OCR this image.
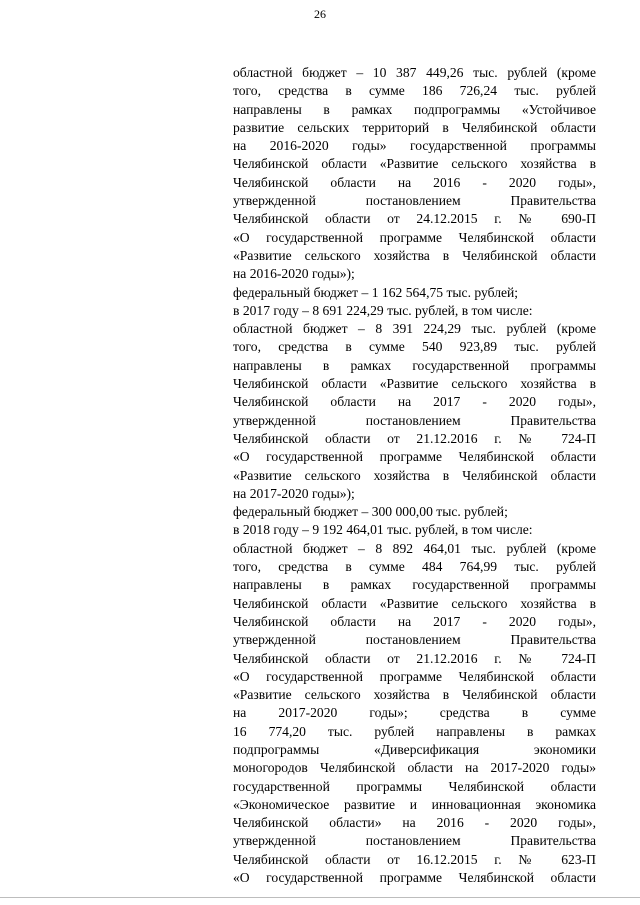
26
областной бюджет – 10 387 449,26 тыс. рублей (кроме
того, средства в сумме 186 726,24 тыс. рублей
направлены в рамках подпрограммы «Устойчивое
развитие сельских территорий в Челябинской области
на 2016-2020 годы» государственной программы
Челябинской области «Развитие сельского хозяйства в
Челябинской области на 2016 - 2020 годы»,
утвержденной постановлением Правительства
Челябинской области от 24.12.2015 г. № 690-П
«О государственной программе Челябинской области
«Развитие сельского хозяйства в Челябинской области
на 2016-2020 годы»);
федеральный бюджет – 1 162 564,75 тыс. рублей;
в 2017 году – 8 691 224,29 тыс. рублей, в том числе:
областной бюджет – 8 391 224,29 тыс. рублей (кроме
того, средства в сумме 540 923,89 тыс. рублей
направлены в рамках государственной программы
Челябинской области «Развитие сельского хозяйства в
Челябинской области на 2017 - 2020 годы»,
утвержденной постановлением Правительства
Челябинской области от 21.12.2016 г. № 724-П
«О государственной программе Челябинской области
«Развитие сельского хозяйства в Челябинской области
на 2017-2020 годы»);
федеральный бюджет – 300 000,00 тыс. рублей;
в 2018 году – 9 192 464,01 тыс. рублей, в том числе:
областной бюджет – 8 892 464,01 тыс. рублей (кроме
того, средства в сумме 484 764,99 тыс. рублей
направлены в рамках государственной программы
Челябинской области «Развитие сельского хозяйства в
Челябинской области на 2017 - 2020 годы»,
утвержденной постановлением Правительства
Челябинской области от 21.12.2016 г. № 724-П
«О государственной программе Челябинской области
«Развитие сельского хозяйства в Челябинской области
на 2017-2020 годы»; средства в сумме
16 774,20 тыс. рублей направлены в рамках
подпрограммы «Диверсификация экономики
моногородов Челябинской области на 2017-2020 годы»
государственной программы Челябинской области
«Экономическое развитие и инновационная экономика
Челябинской области» на 2016 - 2020 годы»,
утвержденной постановлением Правительства
Челябинской области от 16.12.2015 г. № 623-П
«О государственной программе Челябинской области
